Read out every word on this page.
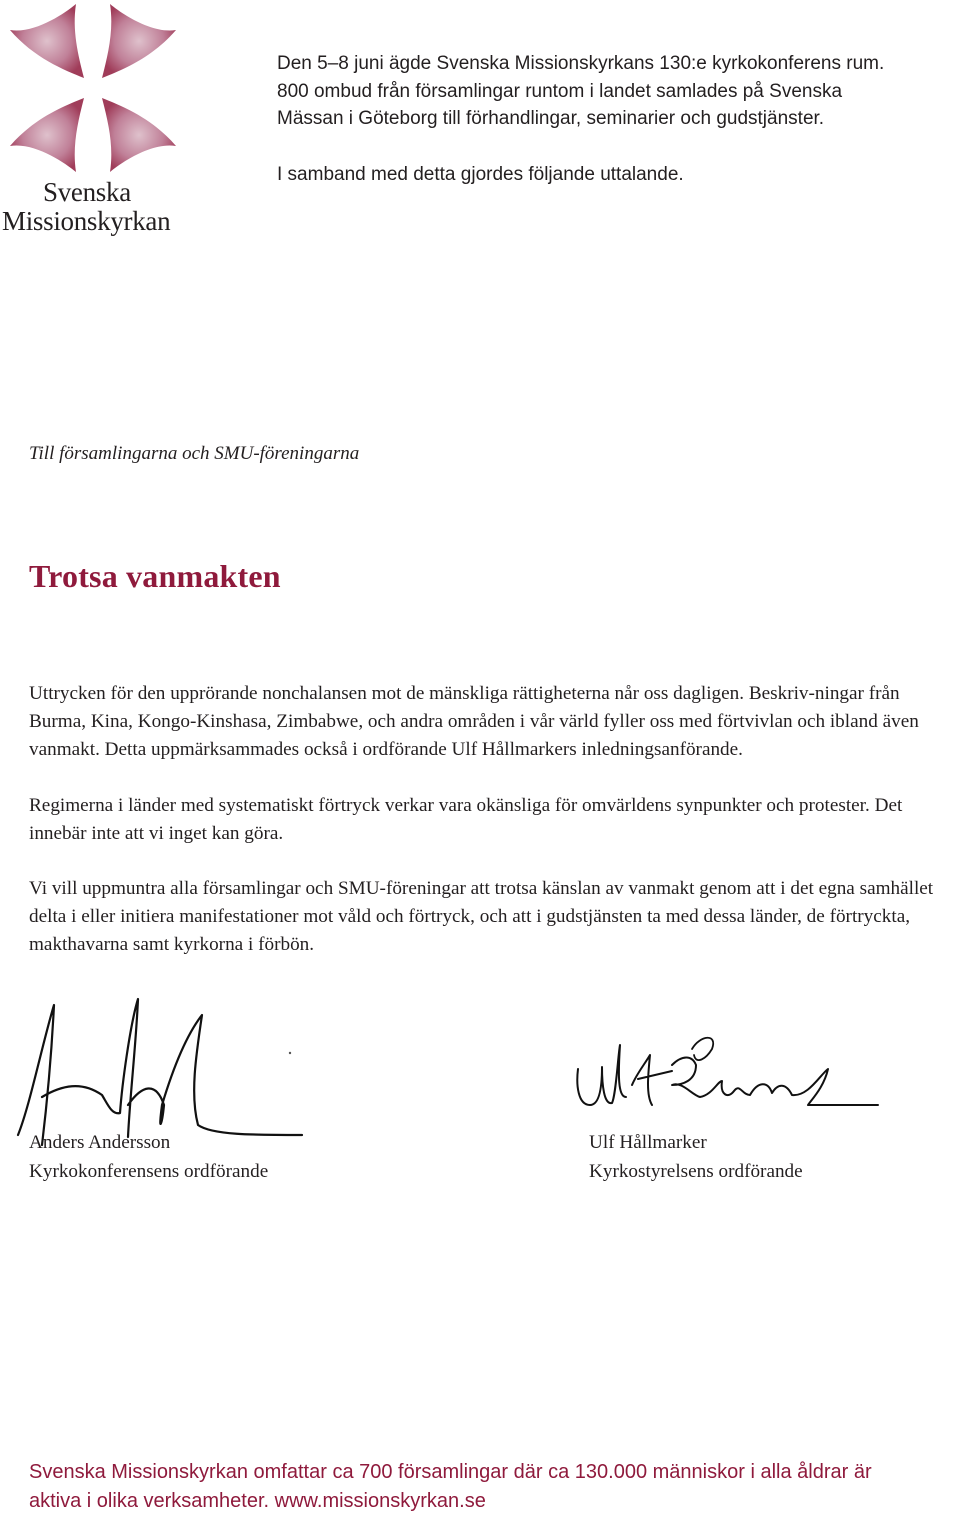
Svenska
Missionskyrkan

Den 5–8 juni ägde Svenska Missionskyrkans 130:e kyrkokonferens rum.

800 ombud från församlingar runtom i landet samlades på Svenska

Mässan i Göteborg till förhandlingar, seminarier och gudstjänster.

I samband med detta gjordes följande uttalande.

Till församlingarna och SMU-föreningarna
Trotsa vanmakten

Uttrycken för den upprörande nonchalansen mot de mänskliga rättigheterna når oss dagligen. Beskriv-ningar från Burma, Kina, Kongo-Kinshasa, Zimbabwe, och andra områden i vår värld fyller oss med förtvivlan och ibland även vanmakt. Detta uppmärksammades också i ordförande Ulf Hållmarkers inledningsanförande.

Regimerna i länder med systematiskt förtryck verkar vara okänsliga för omvärldens synpunkter och protester. Det innebär inte att vi inget kan göra.

Vi vill uppmuntra alla församlingar och SMU-föreningar att trotsa känslan av vanmakt genom att i det egna samhället delta i eller initiera manifestationer mot våld och förtryck, och att i gudstjänsten ta med dessa länder, de förtryckta, makthavarna samt kyrkorna i förbön.

Anders Andersson
Kyrkokonferensens ordförande
Ulf Hållmarker
Kyrkostyrelsens ordförande
Svenska Missionskyrkan omfattar ca 700 församlingar där ca 130.000 människor i alla åldrar är
aktiva i olika verksamheter. www.missionskyrkan.se
